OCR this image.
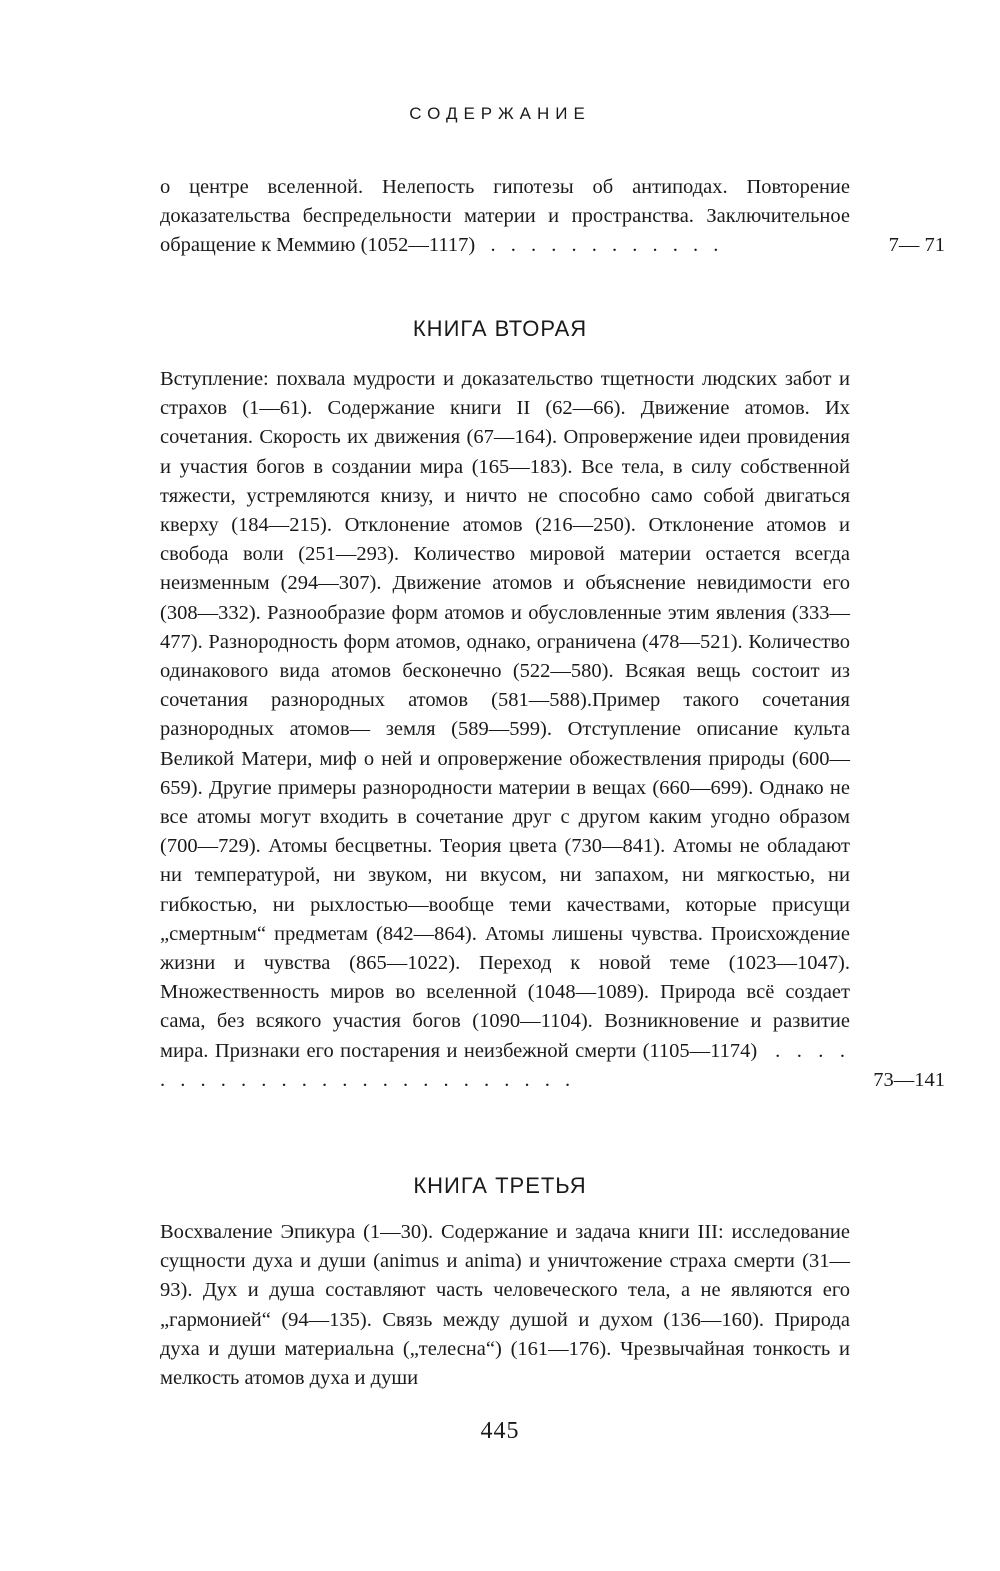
СОДЕРЖАНИЕ
о центре вселенной. Нелепость гипотезы об антиподах. Повторение доказательства беспредельности материи и пространства. Заключительное обращение к Меммию (1052—1117)  . . . . . . . . . . . .	7— 71
КНИГА ВТОРАЯ
Вступление: похвала мудрости и доказательство тщетности людских забот и страхов (1—61). Содержание книги II (62—66). Движение атомов. Их сочетания. Скорость их движения (67—164). Опровержение идеи провидения и участия богов в создании мира (165—183). Все тела, в силу собственной тяжести, устремляются книзу, и ничто не способно само собой двигаться кверху (184—215). Отклонение атомов (216—250). Отклонение атомов и свобода воли (251—293). Количество мировой материи остается всегда неизменным (294—307). Движение атомов и объяснение невидимости его (308—332). Разнообразие форм атомов и обусловленные этим явления (333—477). Разнородность форм атомов, однако, ограничена (478—521). Количество одинакового вида атомов бесконечно (522—580). Всякая вещь состоит из сочетания разнородных атомов (581—588).Пример такого сочетания разнородных атомов— земля (589—599). Отступление описание культа Великой Матери, миф о ней и опровержение обожествления природы (600—659). Другие примеры разнородности материи в вещах (660—699). Однако не все атомы могут входить в сочетание друг с другом каким угодно образом (700—729). Атомы бесцветны. Теория цвета (730—841). Атомы не обладают ни температурой, ни звуком, ни вкусом, ни запахом, ни мягкостью, ни гибкостью, ни рыхлостью—вообще теми качествами, которые присущи „смертным“ предметам (842—864). Атомы лишены чувства. Происхождение жизни и чувства (865—1022). Переход к новой теме (1023—1047). Множественность миров во вселенной (1048—1089). Природа всё создает сама, без всякого участия богов (1090—1104). Возникновение и развитие мира. Признаки его постарения и неизбежной смерти (1105—1174)  . . . . . . . . . . . . . . . . . . . . . . . . .	73—141
КНИГА ТРЕТЬЯ
Восхваление Эпикура (1—30). Содержание и задача книги III: исследование сущности духа и души (animus и anima) и уничтожение страха смерти (31—93). Дух и душа составляют часть человеческого тела, а не являются его „гармонией“ (94—135). Связь между душой и духом (136—160). Природа духа и души материальна („телесна“) (161—176). Чрезвычайная тонкость и мелкость атомов духа и души
445
